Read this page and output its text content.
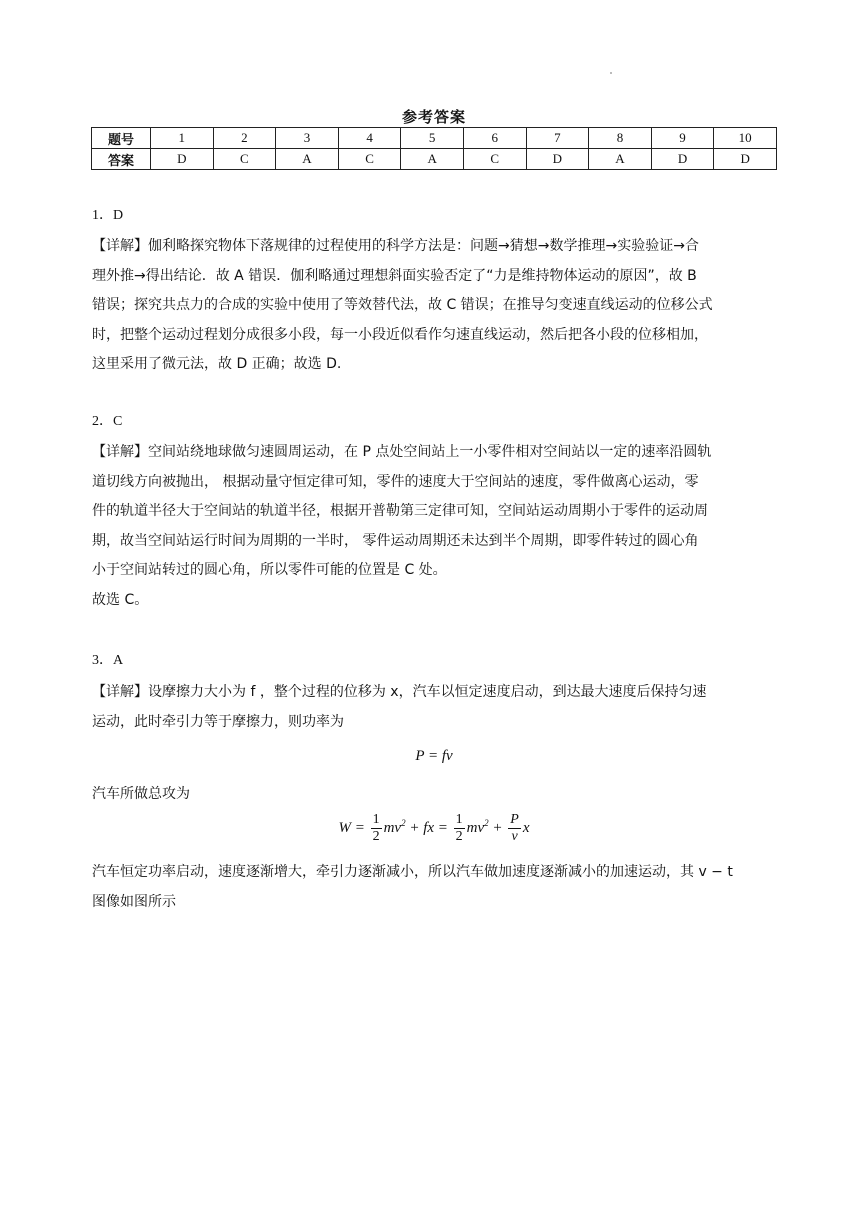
参考答案
题号	1	2	3	4	5	6	7	8	9	10
答案	D	C	A	C	A	C	D	A	D	D
1．D
【详解】伽利略探究物体下落规律的过程使用的科学方法是：问题→猜想→数学推理→实验验证→合
理外推→得出结论．故 A 错误．伽利略通过理想斜面实验否定了“力是维持物体运动的原因”，故 B
错误；探究共点力的合成的实验中使用了等效替代法，故 C 错误；在推导匀变速直线运动的位移公式
时，把整个运动过程划分成很多小段，每一小段近似看作匀速直线运动，然后把各小段的位移相加，
这里采用了微元法，故 D 正确；故选 D.
2．C
【详解】空间站绕地球做匀速圆周运动，在 P 点处空间站上一小零件相对空间站以一定的速率沿圆轨
道切线方向被抛出， 根据动量守恒定律可知，零件的速度大于空间站的速度，零件做离心运动，零
件的轨道半径大于空间站的轨道半径，根据开普勒第三定律可知，空间站运动周期小于零件的运动周
期，故当空间站运行时间为周期的一半时， 零件运动周期还未达到半个周期，即零件转过的圆心角
小于空间站转过的圆心角，所以零件可能的位置是 C 处。
故选 C。
3．A
【详解】设摩擦力大小为 f ，整个过程的位移为 x，汽车以恒定速度启动，到达最大速度后保持匀速
运动，此时牵引力等于摩擦力，则功率为
P = fv
汽车所做总攻为
$W = \frac{1}{2} mv^2$ + fx = $\frac{1}{2} mv^2 + \frac{P}{v}$ x
汽车恒定功率启动，速度逐渐增大，牵引力逐渐减小，所以汽车做加速度逐渐减小的加速运动，其 v − t
图像如图所示
